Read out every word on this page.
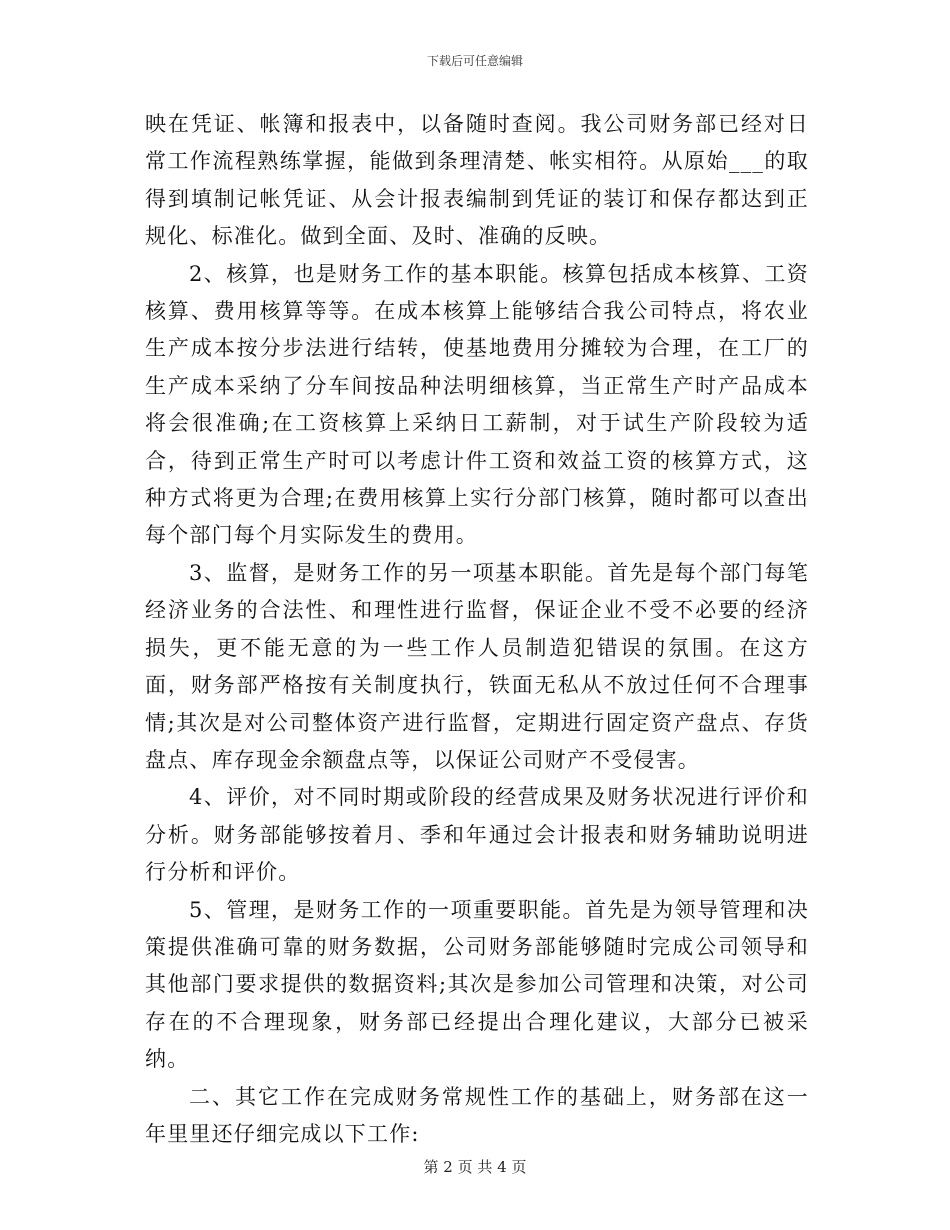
下载后可任意编辑

映在凭证、帐簿和报表中，以备随时查阅。我公司财务部已经对日常工作流程熟练掌握，能做到条理清楚、帐实相符。从原始___的取得到填制记帐凭证、从会计报表编制到凭证的装订和保存都达到正规化、标准化。做到全面、及时、准确的反映。

2、核算，也是财务工作的基本职能。核算包括成本核算、工资核算、费用核算等等。在成本核算上能够结合我公司特点，将农业生产成本按分步法进行结转，使基地费用分摊较为合理，在工厂的生产成本采纳了分车间按品种法明细核算，当正常生产时产品成本将会很准确;在工资核算上采纳日工薪制，对于试生产阶段较为适合，待到正常生产时可以考虑计件工资和效益工资的核算方式，这种方式将更为合理;在费用核算上实行分部门核算，随时都可以查出每个部门每个月实际发生的费用。

3、监督，是财务工作的另一项基本职能。首先是每个部门每笔经济业务的合法性、和理性进行监督，保证企业不受不必要的经济损失，更不能无意的为一些工作人员制造犯错误的氛围。在这方面，财务部严格按有关制度执行，铁面无私从不放过任何不合理事情;其次是对公司整体资产进行监督，定期进行固定资产盘点、存货盘点、库存现金余额盘点等，以保证公司财产不受侵害。

4、评价，对不同时期或阶段的经营成果及财务状况进行评价和分析。财务部能够按着月、季和年通过会计报表和财务辅助说明进行分析和评价。

5、管理，是财务工作的一项重要职能。首先是为领导管理和决策提供准确可靠的财务数据，公司财务部能够随时完成公司领导和其他部门要求提供的数据资料;其次是参加公司管理和决策，对公司存在的不合理现象，财务部已经提出合理化建议，大部分已被采纳。

二、其它工作在完成财务常规性工作的基础上，财务部在这一年里里还仔细完成以下工作:

第 2 页 共 4 页
